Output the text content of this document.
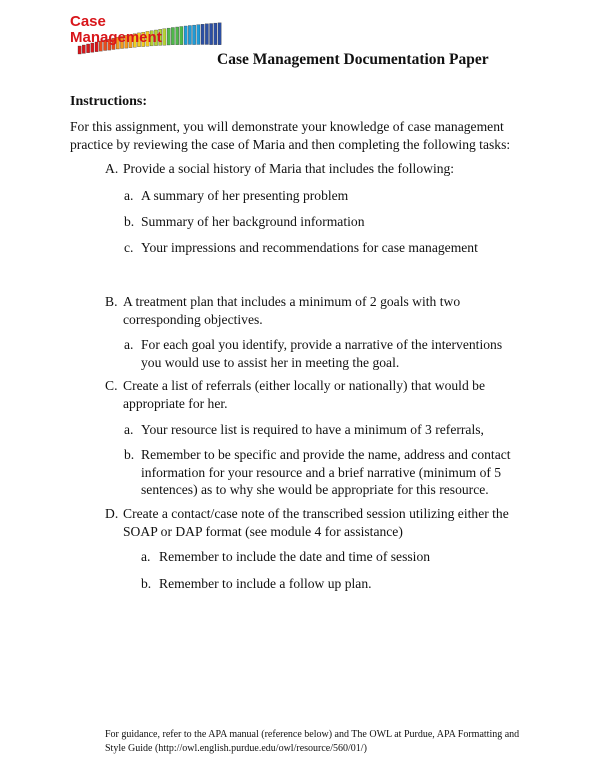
Case
Management
Case Management Documentation Paper
Instructions:
For this assignment, you will demonstrate your knowledge of case management practice by reviewing the case of Maria and then completing the following tasks:
A. Provide a social history of Maria that includes the following:
a. A summary of her presenting problem
b. Summary of her background information
c. Your impressions and recommendations for case management
B. A treatment plan that includes a minimum of 2 goals with two corresponding objectives.
a. For each goal you identify, provide a narrative of the interventions you would use to assist her in meeting the goal.
C. Create a list of referrals (either locally or nationally) that would be appropriate for her.
a. Your resource list is required to have a minimum of 3 referrals,
b. Remember to be specific and provide the name, address and contact information for your resource and a brief narrative (minimum of 5 sentences) as to why she would be appropriate for this resource.
D. Create a contact/case note of the transcribed session utilizing either the SOAP or DAP format (see module 4 for assistance)
a. Remember to include the date and time of session
b. Remember to include a follow up plan.
For guidance, refer to the APA manual (reference below) and The OWL at Purdue, APA Formatting and Style Guide (http://owl.english.purdue.edu/owl/resource/560/01/)
